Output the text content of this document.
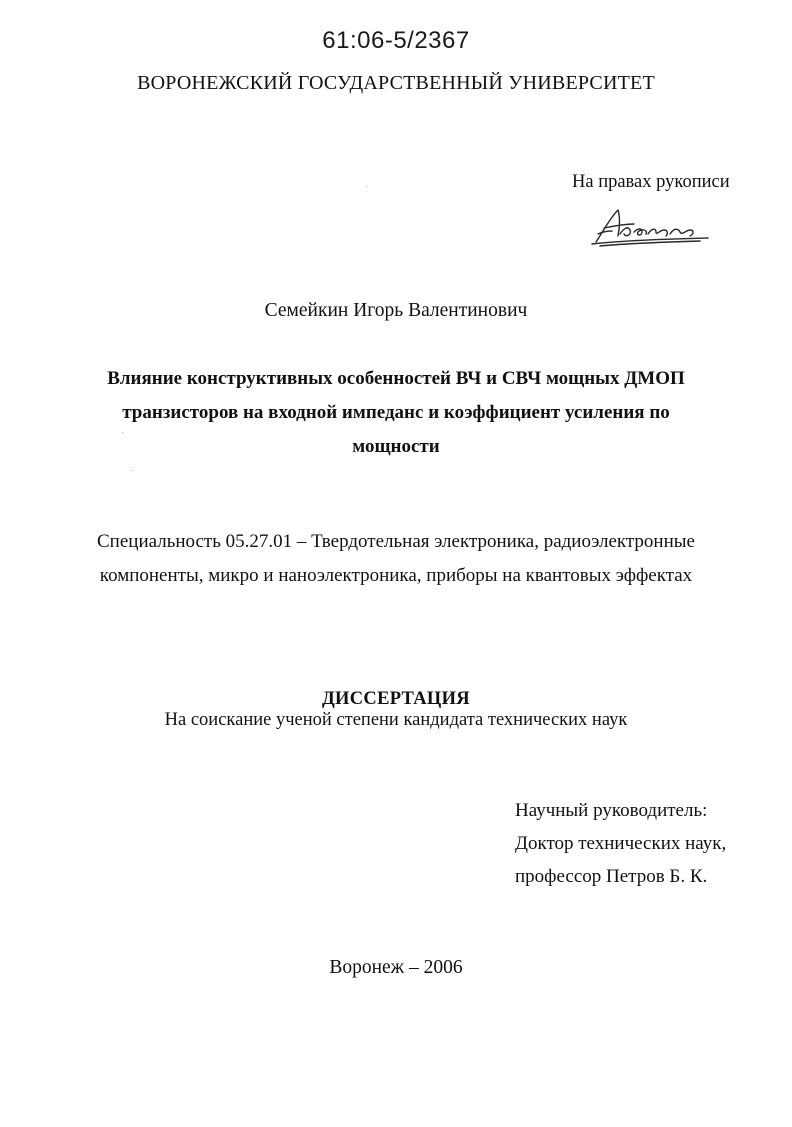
61:06-5/2367
ВОРОНЕЖСКИЙ ГОСУДАРСТВЕННЫЙ УНИВЕРСИТЕТ
На правах рукописи
Семейкин Игорь Валентинович
Влияние конструктивных особенностей ВЧ и СВЧ мощных ДМОП
транзисторов на входной импеданс и коэффициент усиления по
мощности
Специальность 05.27.01 – Твердотельная электроника, радиоэлектронные
компоненты, микро и наноэлектроника, приборы на квантовых эффектах
ДИССЕРТАЦИЯ
На соискание ученой степени кандидата технических наук
Научный руководитель:
Доктор технических наук,
профессор Петров Б. К.
Воронеж – 2006
